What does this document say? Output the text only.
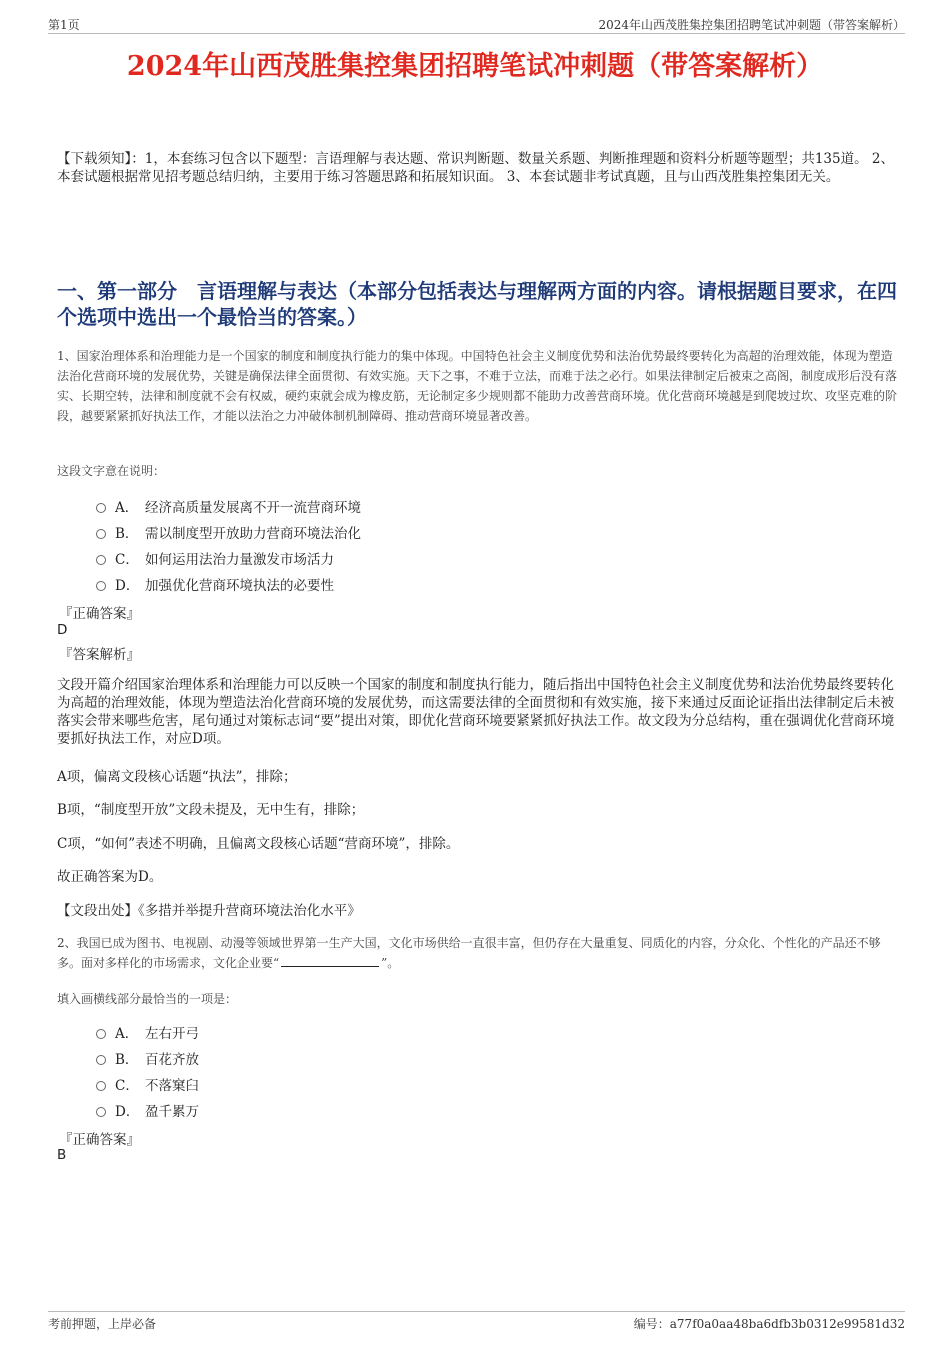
第1页	2024年山西茂胜集控集团招聘笔试冲刺题（带答案解析）
2024年山西茂胜集控集团招聘笔试冲刺题（带答案解析）

【下载须知】：1，本套练习包含以下题型：言语理解与表达题、常识判断题、数量关系题、判断推理题和资料分析题等题型；共135道。 2、本套试题根据常见招考题总结归纳，主要用于练习答题思路和拓展知识面。 3、本套试题非考试真题，且与山西茂胜集控集团无关。

一、第一部分　言语理解与表达（本部分包括表达与理解两方面的内容。请根据题目要求，在四个选项中选出一个最恰当的答案。）

1、国家治理体系和治理能力是一个国家的制度和制度执行能力的集中体现。中国特色社会主义制度优势和法治优势最终要转化为高超的治理效能，体现为塑造法治化营商环境的发展优势，关键是确保法律全面贯彻、有效实施。天下之事，不难于立法，而难于法之必行。如果法律制定后被束之高阁，制度成形后没有落实、长期空转，法律和制度就不会有权威，硬约束就会成为橡皮筋，无论制定多少规则都不能助力改善营商环境。优化营商环境越是到爬坡过坎、攻坚克难的阶段，越要紧紧抓好执法工作，才能以法治之力冲破体制机制障碍、推动营商环境显著改善。

这段文字意在说明：

A． 经济高质量发展离不开一流营商环境
B． 需以制度型开放助力营商环境法治化
C． 如何运用法治力量激发市场活力
D． 加强优化营商环境执法的必要性
『正确答案』
D
『答案解析』

文段开篇介绍国家治理体系和治理能力可以反映一个国家的制度和制度执行能力，随后指出中国特色社会主义制度优势和法治优势最终要转化为高超的治理效能，体现为塑造法治化营商环境的发展优势，而这需要法律的全面贯彻和有效实施，接下来通过反面论证指出法律制定后未被落实会带来哪些危害，尾句通过对策标志词“要”提出对策，即优化营商环境要紧紧抓好执法工作。故文段为分总结构，重在强调优化营商环境要抓好执法工作，对应D项。

A项，偏离文段核心话题“执法”，排除；

B项，“制度型开放”文段未提及，无中生有，排除；

C项，“如何”表述不明确，且偏离文段核心话题“营商环境”，排除。

故正确答案为D。

【文段出处】《多措并举提升营商环境法治化水平》

2、我国已成为图书、电视剧、动漫等领域世界第一生产大国，文化市场供给一直很丰富，但仍存在大量重复、同质化的内容，分众化、个性化的产品还不够多。面对多样化的市场需求，文化企业要“	”。

填入画横线部分最恰当的一项是：

A． 左右开弓
B． 百花齐放
C． 不落窠臼
D． 盈千累万
『正确答案』
B
考前押题，上岸必备	编号：a77f0a0aa48ba6dfb3b0312e99581d32
